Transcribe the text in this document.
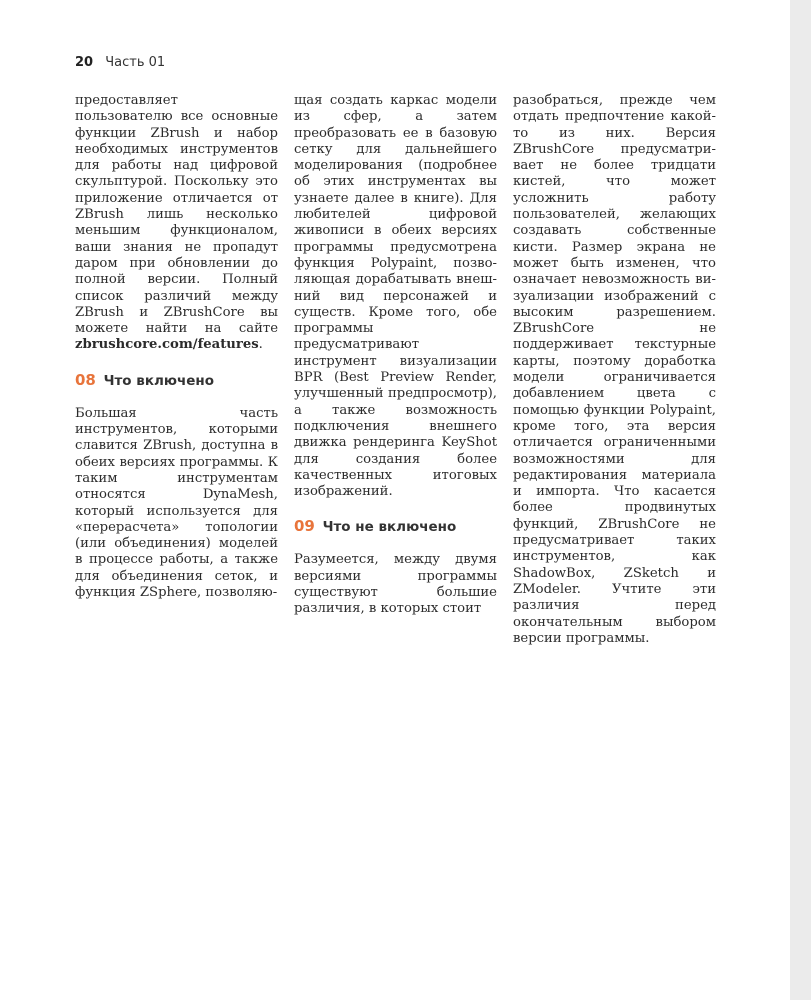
20 Часть 01

предоставляет пользователю все основные функции ZBrush и набор необходимых инструментов для работы над цифровой скульптурой. Поскольку это приложение отличается от ZBrush лишь несколько меньшим функционалом, ваши знания не пропадут даром при обновлении до полной версии. Полный список различий между ZBrush и ZBrushCore вы можете найти на сайте zbrushcore.com/features.

08 Что включено

Большая часть инструментов, которыми славится ZBrush, доступна в обеих версиях программы. К таким инструментам относятся DynaMesh, который используется для «перерасчета» топологии (или объединения) моделей в процессе работы, а также для объединения сеток, и функция ZSphere, позволяю-

щая создать каркас модели из сфер, а затем преобразовать ее в базовую сетку для дальнейшего моделирования (подробнее об этих инструментах вы узнаете далее в книге). Для любителей цифровой живописи в обеих версиях программы предусмотрена функция Polypaint, позволяющая дорабатывать внешний вид персонажей и существ. Кроме того, обе программы предусматривают инструмент визуализации BPR (Best Preview Render, улучшенный предпросмотр), а также возможность подключения внешнего движка рендеринга KeyShot для создания более качественных итоговых изображений.

09 Что не включено

Разумеется, между двумя версиями программы существуют большие различия, в которых стоит

разобраться, прежде чем отдать предпочтение какой-то из них. Версия ZBrushCore предусматривает не более тридцати кистей, что может усложнить работу пользователей, желающих создавать собственные кисти. Размер экрана не может быть изменен, что означает невозможность визуализации изображений с высоким разрешением. ZBrushCore не поддерживает текстурные карты, поэтому доработка модели ограничивается добавлением цвета с помощью функции Polypaint, кроме того, эта версия отличается ограниченными возможностями для редактирования материала и импорта. Что касается более продвинутых функций, ZBrushCore не предусматривает таких инструментов, как ShadowBox, ZSketch и ZModeler. Учтите эти различия перед окончательным выбором версии программы.
